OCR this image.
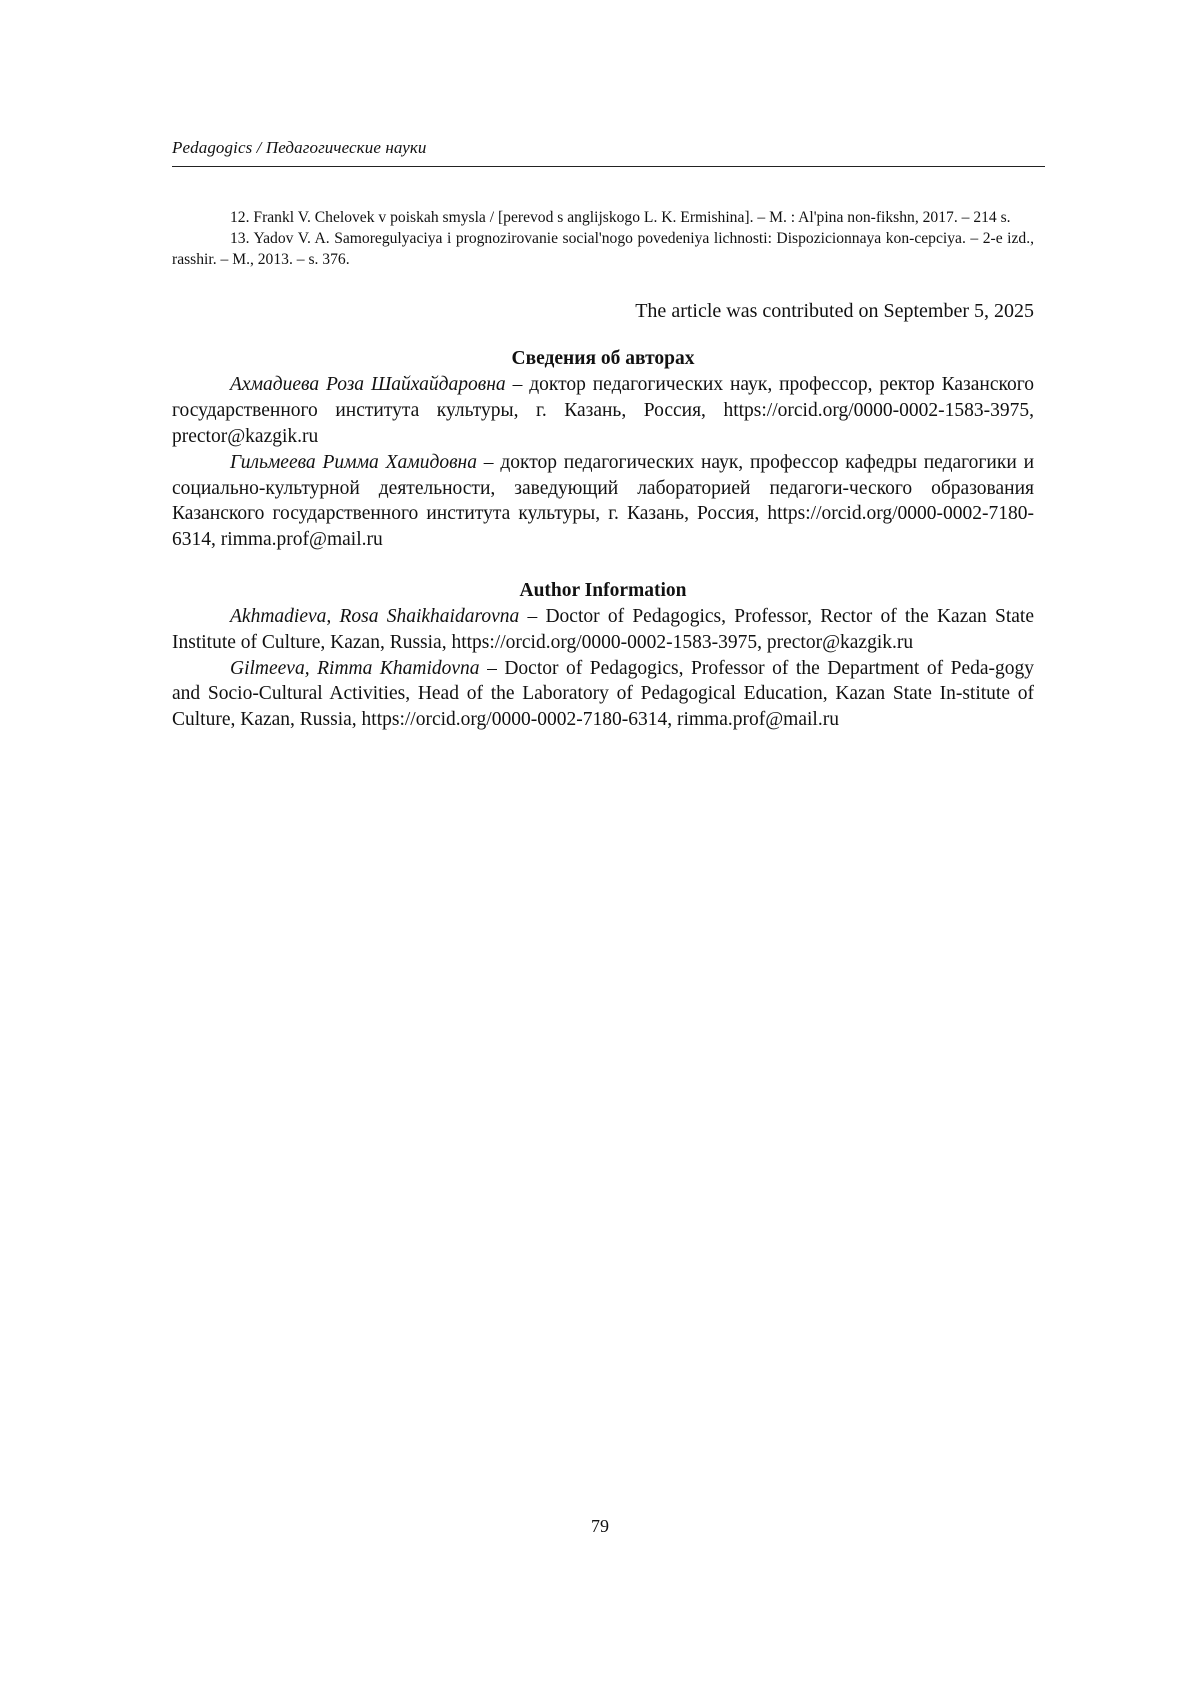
Pedagogics / Педагогические науки

12. Frankl V. Chelovek v poiskah smysla / [perevod s anglijskogo L. K. Ermishina]. – M. : Al'pina non-fikshn, 2017. – 214 s.

13. Yadov V. A. Samoregulyaciya i prognozirovanie social'nogo povedeniya lichnosti: Dispozicionnaya kon-cepciya. – 2-e izd., rasshir. – M., 2013. – s. 376.

The article was contributed on September 5, 2025

Сведения об авторах

Ахмадиева Роза Шайхайдаровна – доктор педагогических наук, профессор, ректор Казанского государственного института культуры, г. Казань, Россия, https://orcid.org/0000-0002-1583-3975, prector@kazgik.ru

Гильмеева Римма Хамидовна – доктор педагогических наук, профессор кафедры педагогики и социально-культурной деятельности, заведующий лабораторией педагоги-ческого образования Казанского государственного института культуры, г. Казань, Россия, https://orcid.org/0000-0002-7180-6314, rimma.prof@mail.ru

Author Information

Akhmadieva, Rosa Shaikhaidarovna – Doctor of Pedagogics, Professor, Rector of the Kazan State Institute of Culture, Kazan, Russia, https://orcid.org/0000-0002-1583-3975, prector@kazgik.ru

Gilmeeva, Rimma Khamidovna – Doctor of Pedagogics, Professor of the Department of Peda-gogy and Socio-Cultural Activities, Head of the Laboratory of Pedagogical Education, Kazan State In-stitute of Culture, Kazan, Russia, https://orcid.org/0000-0002-7180-6314, rimma.prof@mail.ru

79
